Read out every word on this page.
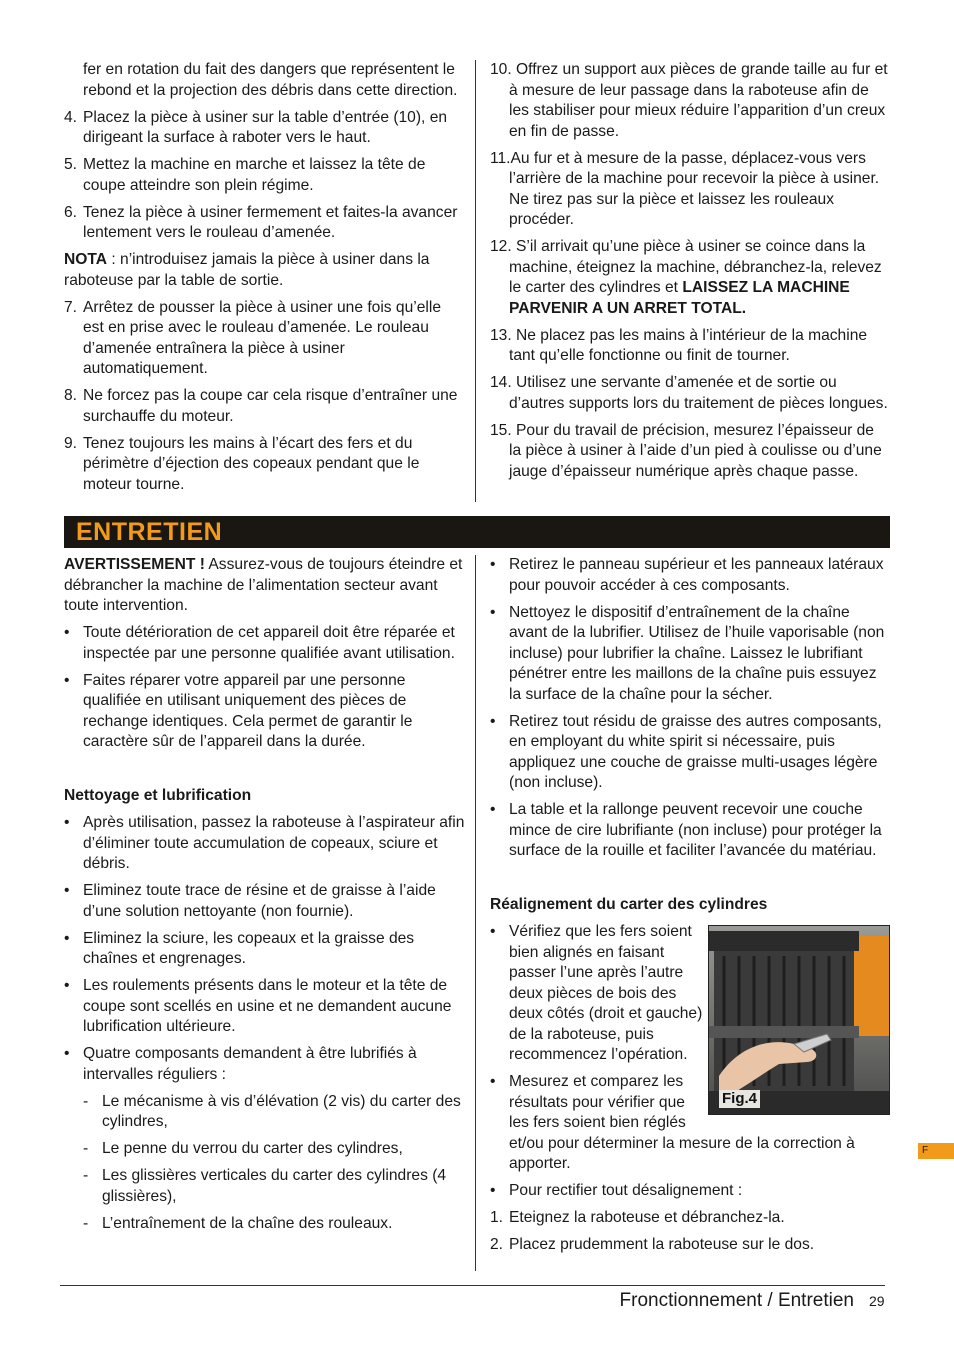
fer en rotation du fait des dangers que représentent le rebond et la projection des débris dans cette direction.

4. Placez la pièce à usiner sur la table d’entrée (10), en dirigeant la surface à raboter vers le haut.
5. Mettez la machine en marche et laissez la tête de coupe atteindre son plein régime.
6. Tenez la pièce à usiner fermement et faites-la avancer lentement vers le rouleau d’amenée.

NOTA : n’introduisez jamais la pièce à usiner dans la raboteuse par la table de sortie.

7. Arrêtez de pousser la pièce à usiner une fois qu’elle est en prise avec le rouleau d’amenée. Le rouleau d’amenée entraînera la pièce à usiner automatiquement.
8. Ne forcez pas la coupe car cela risque d’entraîner une surchauffe du moteur.
9. Tenez toujours les mains à l’écart des fers et du périmètre d’éjection des copeaux pendant que le moteur tourne.

10. Offrez un support aux pièces de grande taille au fur et à mesure de leur passage dans la raboteuse afin de les stabiliser pour mieux réduire l’apparition d’un creux en fin de passe.

11.Au fur et à mesure de la passe, déplacez-vous vers l’arrière de la machine pour recevoir la pièce à usiner. Ne tirez pas sur la pièce et laissez les rouleaux procéder.

12. S’il arrivait qu’une pièce à usiner se coince dans la machine, éteignez la machine, débranchez-la, relevez le carter des cylindres et LAISSEZ LA MACHINE PARVENIR A UN ARRET TOTAL.

13. Ne placez pas les mains à l’intérieur de la machine tant qu’elle fonctionne ou finit de tourner.

14. Utilisez une servante d’amenée et de sortie ou d’autres supports lors du traitement de pièces longues.

15. Pour du travail de précision, mesurez l’épaisseur de la pièce à usiner à l’aide d’un pied à coulisse ou d’une jauge d’épaisseur numérique après chaque passe.

ENTRETIEN

AVERTISSEMENT ! Assurez-vous de toujours éteindre et débrancher la machine de l’alimentation secteur avant toute intervention.

• Toute détérioration de cet appareil doit être réparée et inspectée par une personne qualifiée avant utilisation.
• Faites réparer votre appareil par une personne qualifiée en utilisant uniquement des pièces de rechange identiques. Cela permet de garantir le caractère sûr de l’appareil dans la durée.

Nettoyage et lubrification

• Après utilisation, passez la raboteuse à l’aspirateur afin d’éliminer toute accumulation de copeaux, sciure et débris.
• Eliminez toute trace de résine et de graisse à l’aide d’une solution nettoyante (non fournie).
• Eliminez la sciure, les copeaux et la graisse des chaînes et engrenages.
• Les roulements présents dans le moteur et la tête de coupe sont scellés en usine et ne demandent aucune lubrification ultérieure.
• Quatre composants demandent à être lubrifiés à intervalles réguliers :
- Le mécanisme à vis d’élévation (2 vis) du carter des cylindres,
- Le penne du verrou du carter des cylindres,
- Les glissières verticales du carter des cylindres (4 glissières),
- L’entraînement de la chaîne des rouleaux.
• Retirez le panneau supérieur et les panneaux latéraux pour pouvoir accéder à ces composants.
• Nettoyez le dispositif d’entraînement de la chaîne avant de la lubrifier. Utilisez de l’huile vaporisable (non incluse) pour lubrifier la chaîne. Laissez le lubrifiant pénétrer entre les maillons de la chaîne puis essuyez la surface de la chaîne pour la sécher.
• Retirez tout résidu de graisse des autres composants, en employant du white spirit si nécessaire, puis appliquez une couche de graisse multi-usages légère (non incluse).
• La table et la rallonge peuvent recevoir une couche mince de cire lubrifiante (non incluse) pour protéger la surface de la rouille et faciliter l’avancée du matériau.

Réalignement du carter des cylindres

• Vérifiez que les fers soient
bien alignés en faisant
passer l’une après l’autre
deux pièces de bois des
deux côtés (droit et gauche)
de la raboteuse, puis
recommencez l’opération.
• Mesurez et comparez les
résultats pour vérifier que
les fers soient bien réglés
et/ou pour déterminer la mesure de la correction à apporter.
• Pour rectifier tout désalignement :
1. Eteignez la raboteuse et débranchez-la.
2. Placez prudemment la raboteuse sur le dos.
Fig.4
F
Fronctionnement / Entretien 29
